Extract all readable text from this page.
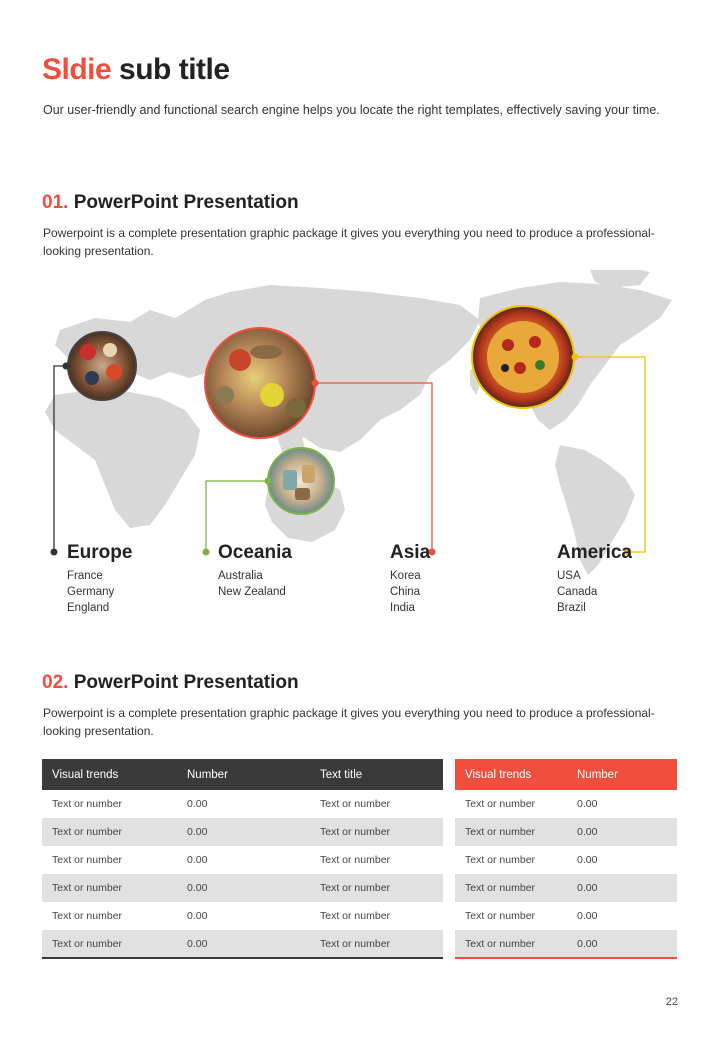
Sldie sub title
Our user-friendly and functional search engine helps you locate the right templates, effectively saving your time.
01. PowerPoint Presentation
Powerpoint is a complete presentation graphic package it gives you everything you need to produce a professional-looking presentation.
Europe
France
Germany
England
Oceania
Australia
New Zealand
Asia
Korea
China
India
America
USA
Canada
Brazil
02. PowerPoint Presentation
Powerpoint is a complete presentation graphic package it gives you everything you need to produce a professional-looking presentation.
Visual trends	Number	Text title
Text or number	0.00	Text or number
Text or number	0.00	Text or number
Text or number	0.00	Text or number
Text or number	0.00	Text or number
Text or number	0.00	Text or number
Text or number	0.00	Text or number
Visual trends	Number
Text or number	0.00
Text or number	0.00
Text or number	0.00
Text or number	0.00
Text or number	0.00
Text or number	0.00
22
